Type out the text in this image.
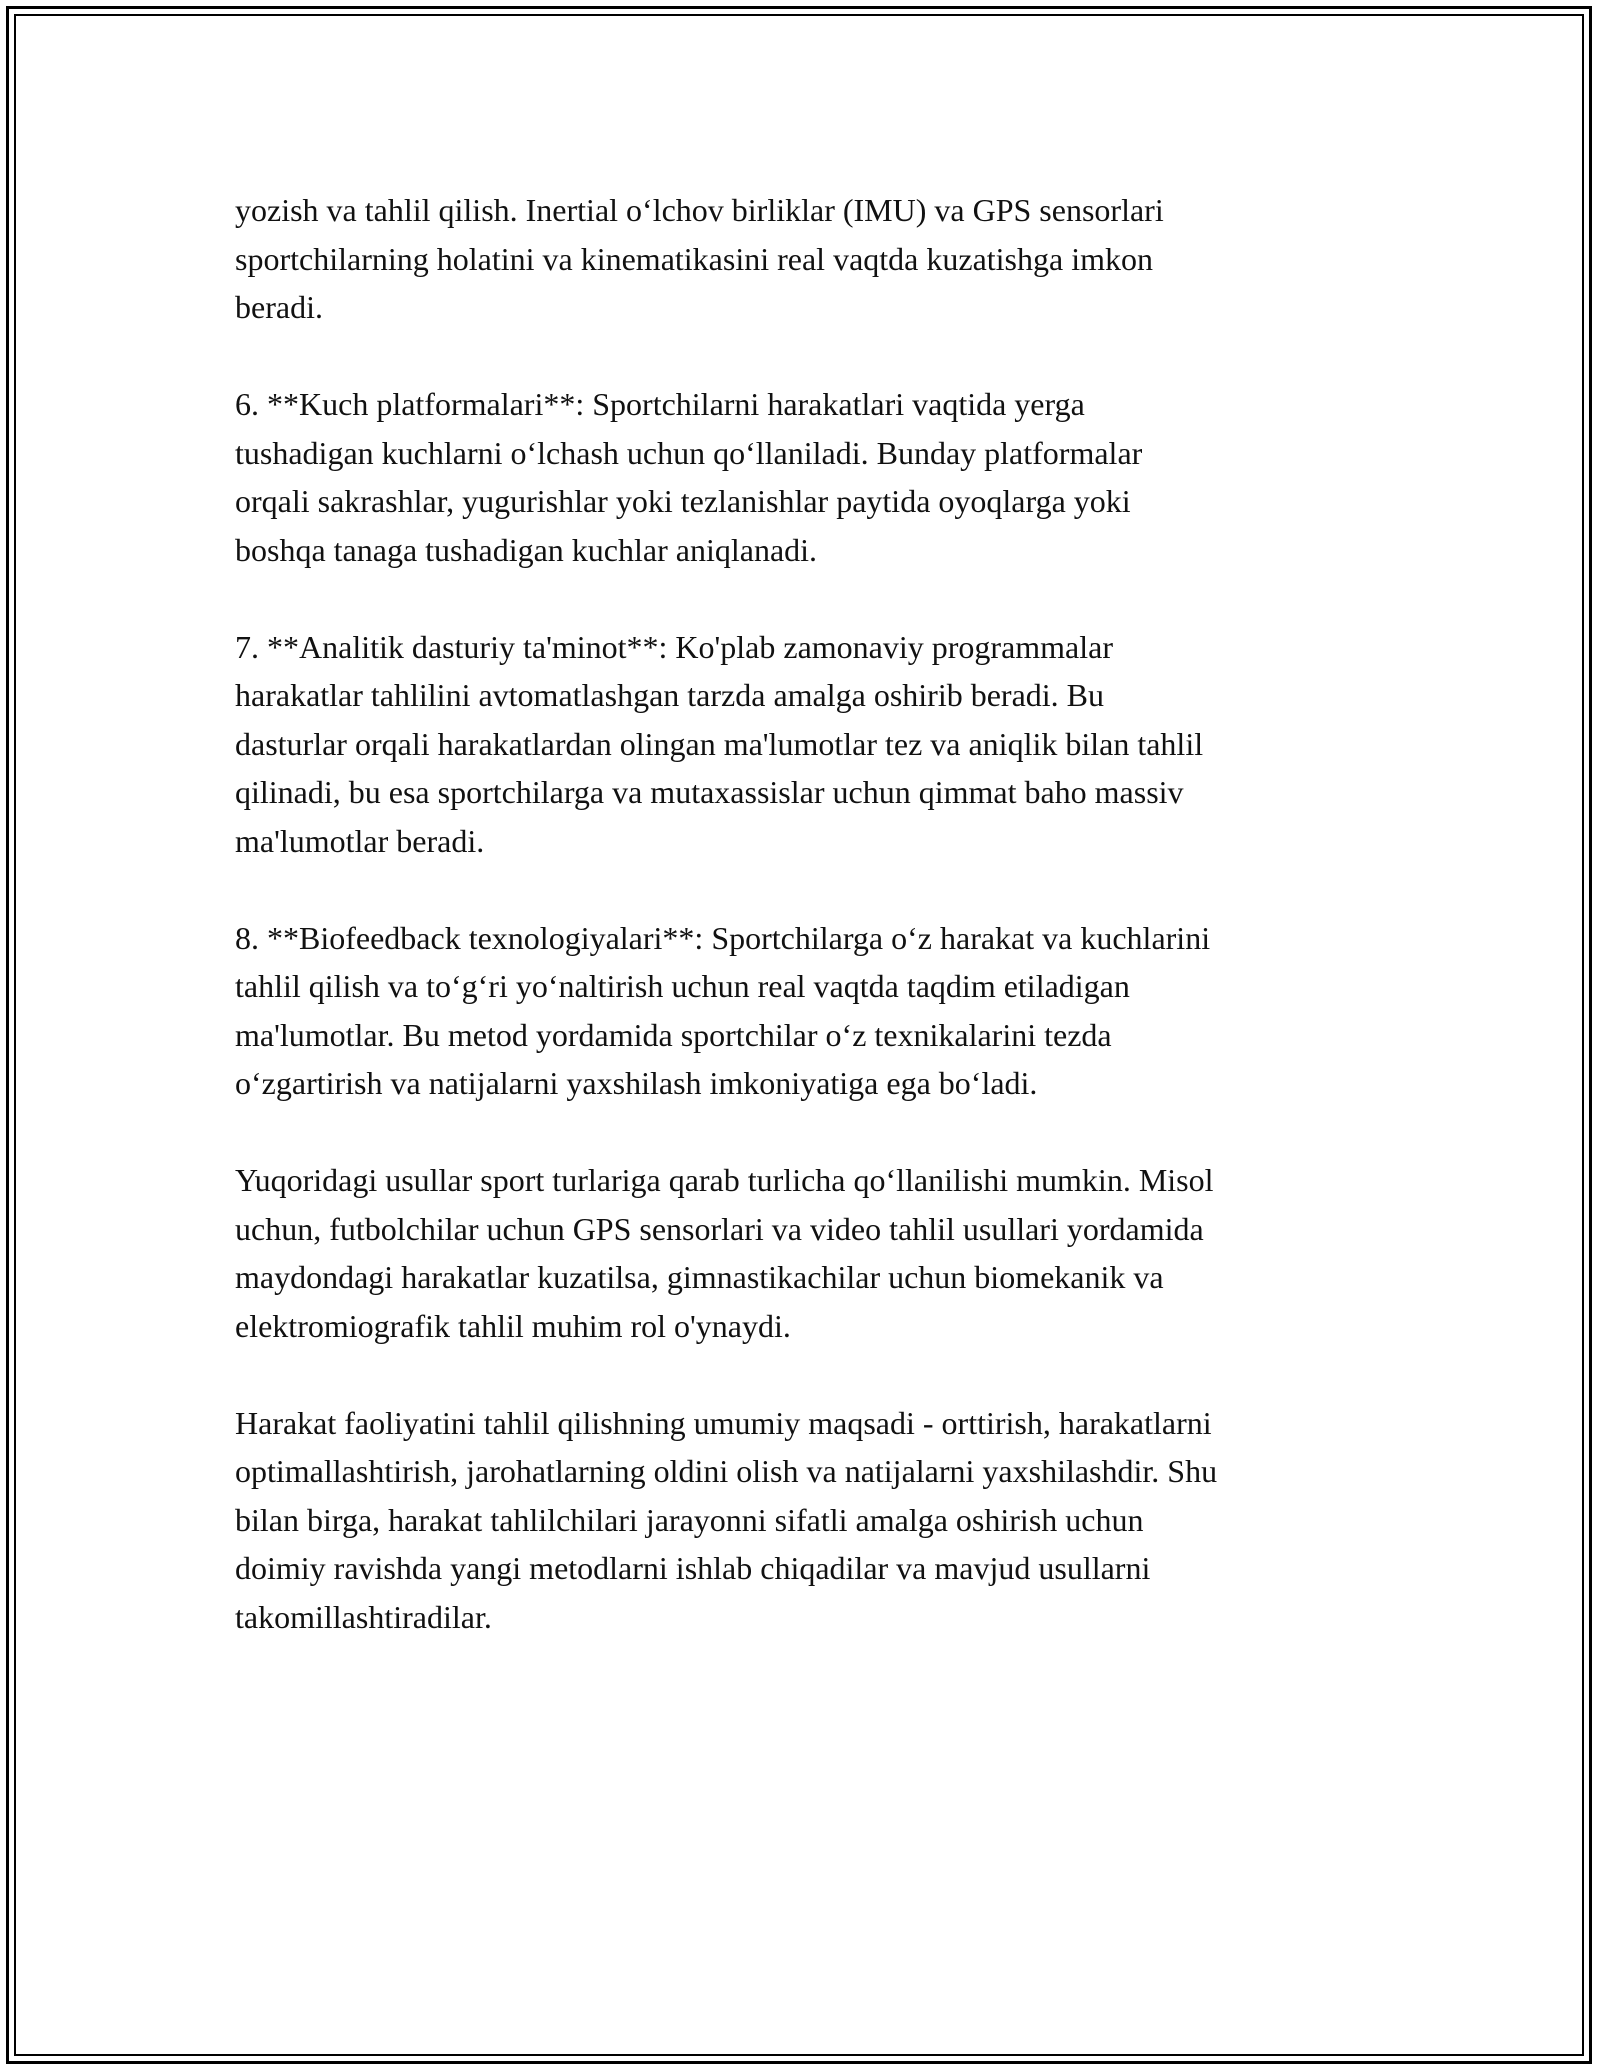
yozish va tahlil qilish. Inertial o‘lchov birliklar (IMU) va GPS sensorlari
sportchilarning holatini va kinematikasini real vaqtda kuzatishga imkon
beradi.

6. **Kuch platformalari**: Sportchilarni harakatlari vaqtida yerga
tushadigan kuchlarni o‘lchash uchun qo‘llaniladi. Bunday platformalar
orqali sakrashlar, yugurishlar yoki tezlanishlar paytida oyoqlarga yoki
boshqa tanaga tushadigan kuchlar aniqlanadi.

7. **Analitik dasturiy ta'minot**: Ko'plab zamonaviy programmalar
harakatlar tahlilini avtomatlashgan tarzda amalga oshirib beradi. Bu
dasturlar orqali harakatlardan olingan ma'lumotlar tez va aniqlik bilan tahlil
qilinadi, bu esa sportchilarga va mutaxassislar uchun qimmat baho massiv
ma'lumotlar beradi.

8. **Biofeedback texnologiyalari**: Sportchilarga o‘z harakat va kuchlarini
tahlil qilish va to‘g‘ri yo‘naltirish uchun real vaqtda taqdim etiladigan
ma'lumotlar. Bu metod yordamida sportchilar o‘z texnikalarini tezda
o‘zgartirish va natijalarni yaxshilash imkoniyatiga ega bo‘ladi.

Yuqoridagi usullar sport turlariga qarab turlicha qo‘llanilishi mumkin. Misol
uchun, futbolchilar uchun GPS sensorlari va video tahlil usullari yordamida
maydondagi harakatlar kuzatilsa, gimnastikachilar uchun biomekanik va
elektromiografik tahlil muhim rol o'ynaydi.

Harakat faoliyatini tahlil qilishning umumiy maqsadi - orttirish, harakatlarni
optimallashtirish, jarohatlarning oldini olish va natijalarni yaxshilashdir. Shu
bilan birga, harakat tahlilchilari jarayonni sifatli amalga oshirish uchun
doimiy ravishda yangi metodlarni ishlab chiqadilar va mavjud usullarni
takomillashtiradilar.
